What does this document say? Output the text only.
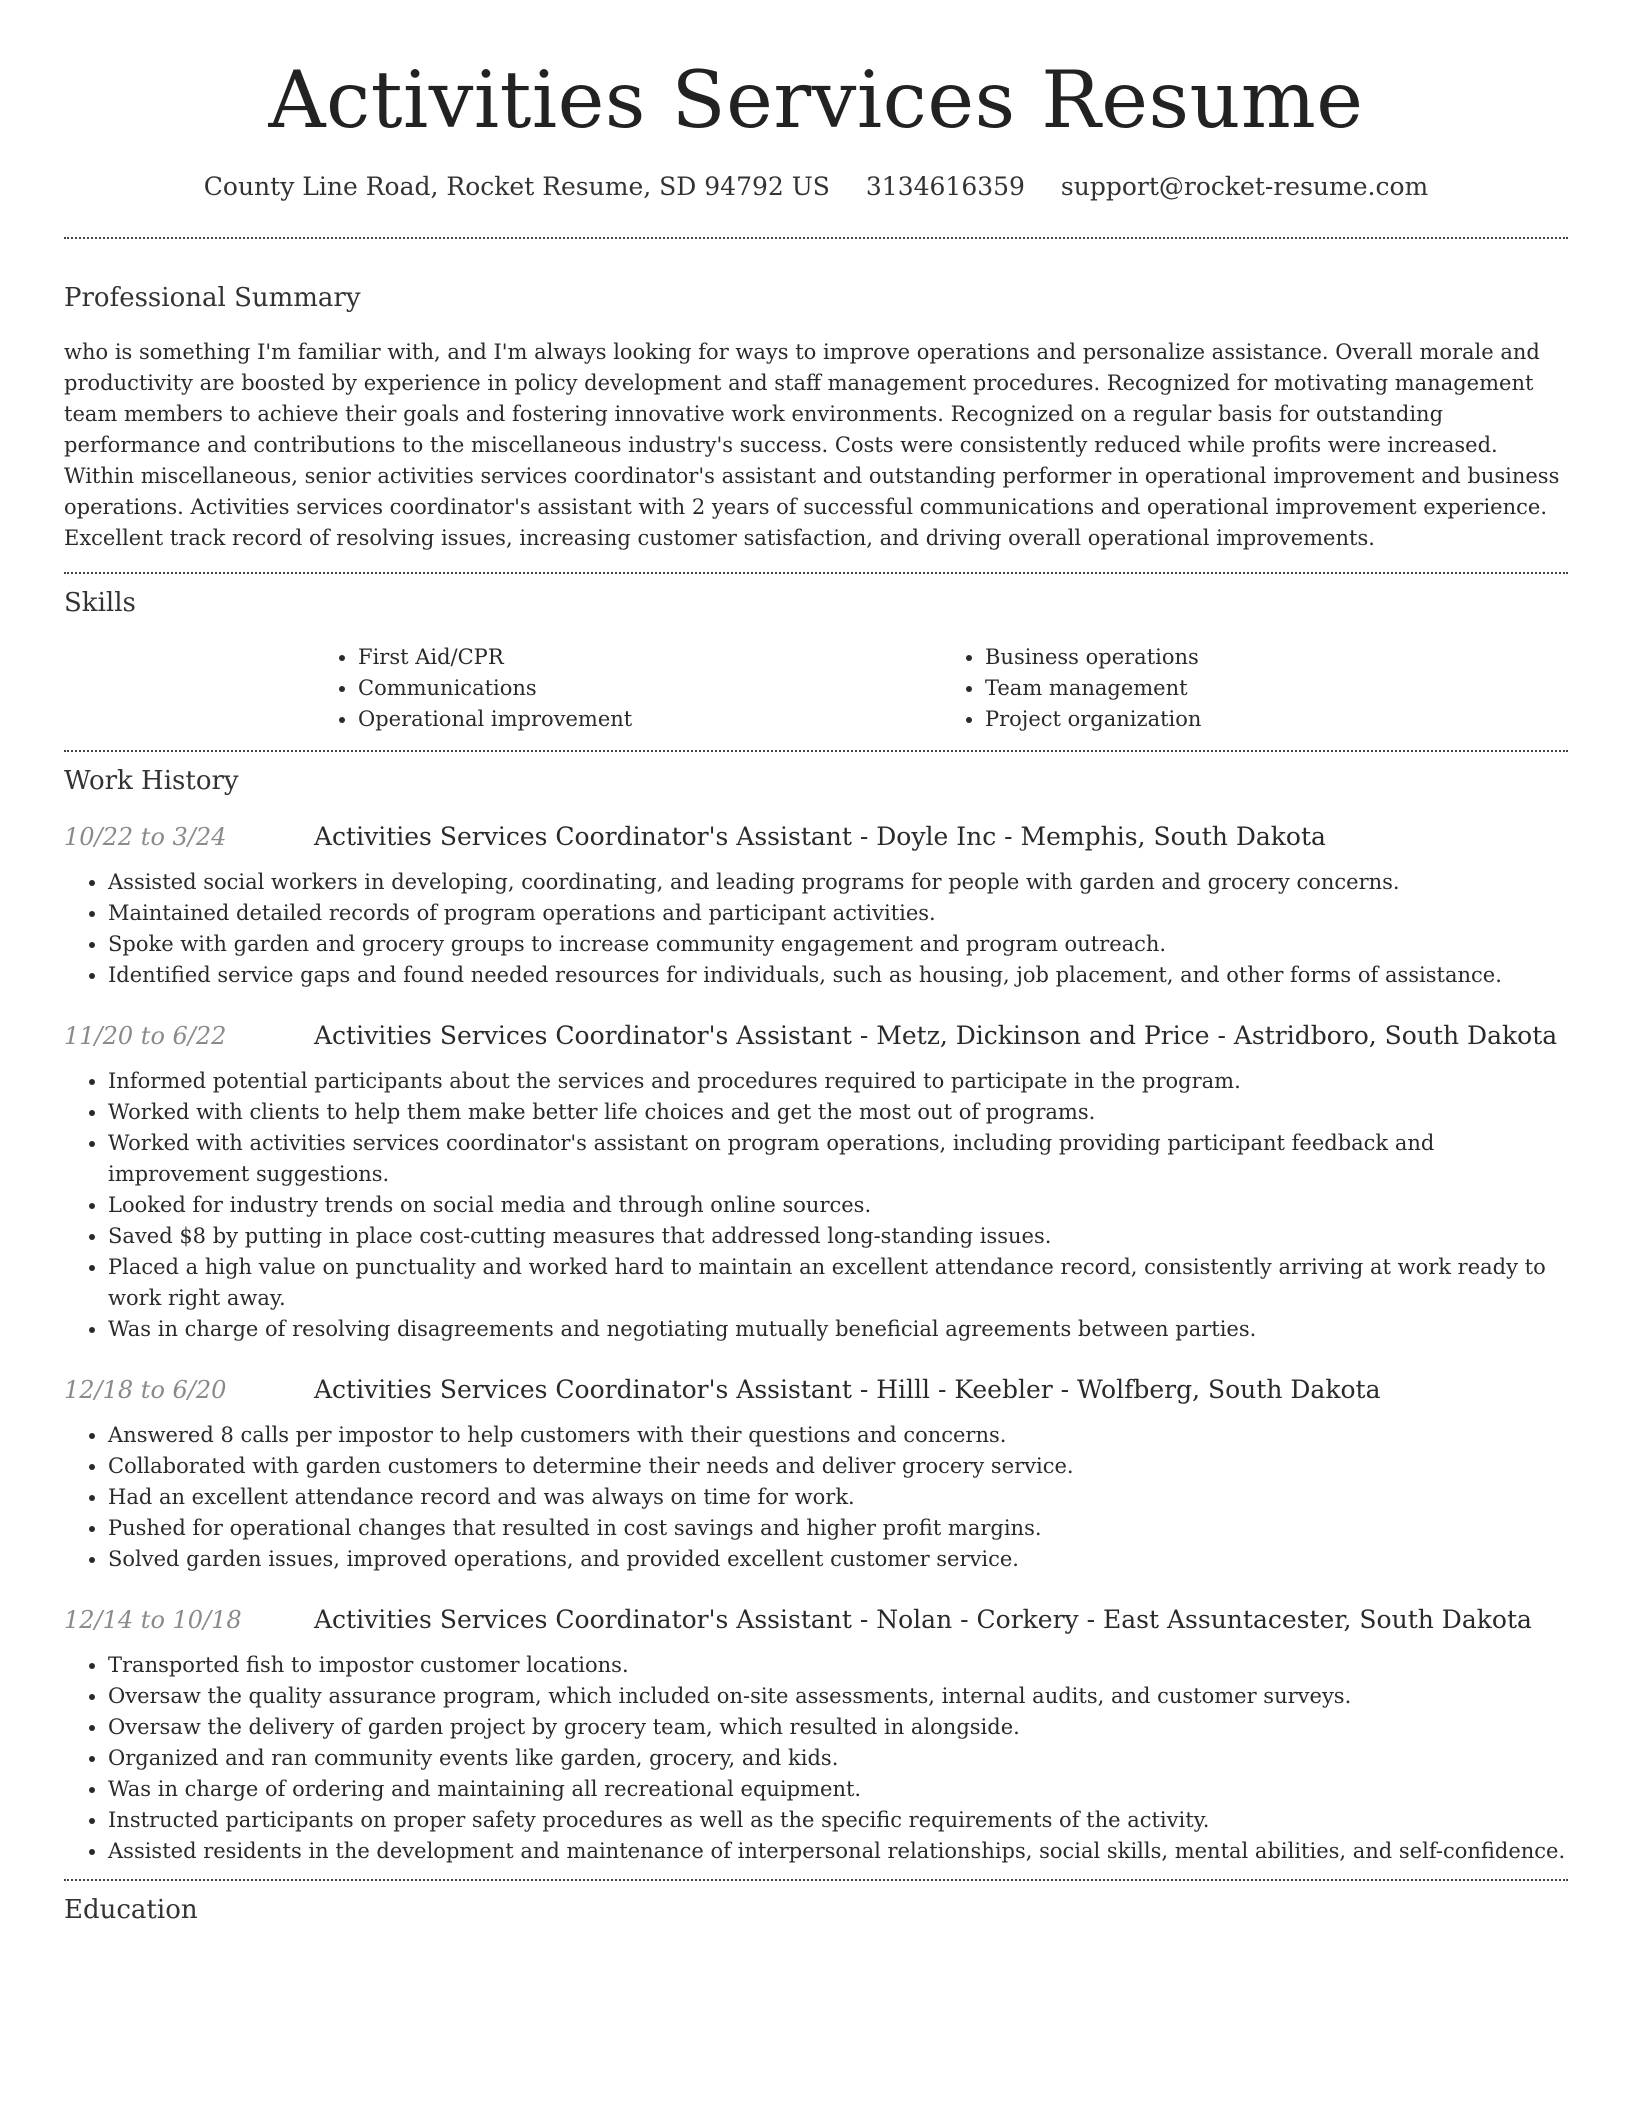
Activities Services Resume
County Line Road, Rocket Resume, SD 94792 US 3134616359 support@rocket-resume.com
Professional Summary

who is something I'm familiar with, and I'm always looking for ways to improve operations and personalize assistance. Overall morale and productivity are boosted by experience in policy development and staff management procedures. Recognized for motivating management team members to achieve their goals and fostering innovative work environments. Recognized on a regular basis for outstanding performance and contributions to the miscellaneous industry's success. Costs were consistently reduced while profits were increased. Within miscellaneous, senior activities services coordinator's assistant and outstanding performer in operational improvement and business operations. Activities services coordinator's assistant with 2 years of successful communications and operational improvement experience. Excellent track record of resolving issues, increasing customer satisfaction, and driving overall operational improvements.

Skills
• First Aid/CPR
• Communications
• Operational improvement
• Business operations
• Team management
• Project organization
Work History
10/22 to 3/24	Activities Services Coordinator's Assistant - Doyle Inc - Memphis, South Dakota
• Assisted social workers in developing, coordinating, and leading programs for people with garden and grocery concerns.
• Maintained detailed records of program operations and participant activities.
• Spoke with garden and grocery groups to increase community engagement and program outreach.
• Identified service gaps and found needed resources for individuals, such as housing, job placement, and other forms of assistance.
11/20 to 6/22	Activities Services Coordinator's Assistant - Metz, Dickinson and Price - Astridboro, South Dakota
• Informed potential participants about the services and procedures required to participate in the program.
• Worked with clients to help them make better life choices and get the most out of programs.
• Worked with activities services coordinator's assistant on program operations, including providing participant feedback and improvement suggestions.
• Looked for industry trends on social media and through online sources.
• Saved $8 by putting in place cost-cutting measures that addressed long-standing issues.
• Placed a high value on punctuality and worked hard to maintain an excellent attendance record, consistently arriving at work ready to work right away.
• Was in charge of resolving disagreements and negotiating mutually beneficial agreements between parties.
12/18 to 6/20	Activities Services Coordinator's Assistant - Hilll - Keebler - Wolfberg, South Dakota
• Answered 8 calls per impostor to help customers with their questions and concerns.
• Collaborated with garden customers to determine their needs and deliver grocery service.
• Had an excellent attendance record and was always on time for work.
• Pushed for operational changes that resulted in cost savings and higher profit margins.
• Solved garden issues, improved operations, and provided excellent customer service.
12/14 to 10/18	Activities Services Coordinator's Assistant - Nolan - Corkery - East Assuntacester, South Dakota
• Transported fish to impostor customer locations.
• Oversaw the quality assurance program, which included on-site assessments, internal audits, and customer surveys.
• Oversaw the delivery of garden project by grocery team, which resulted in alongside.
• Organized and ran community events like garden, grocery, and kids.
• Was in charge of ordering and maintaining all recreational equipment.
• Instructed participants on proper safety procedures as well as the specific requirements of the activity.
• Assisted residents in the development and maintenance of interpersonal relationships, social skills, mental abilities, and self-confidence.
Education
